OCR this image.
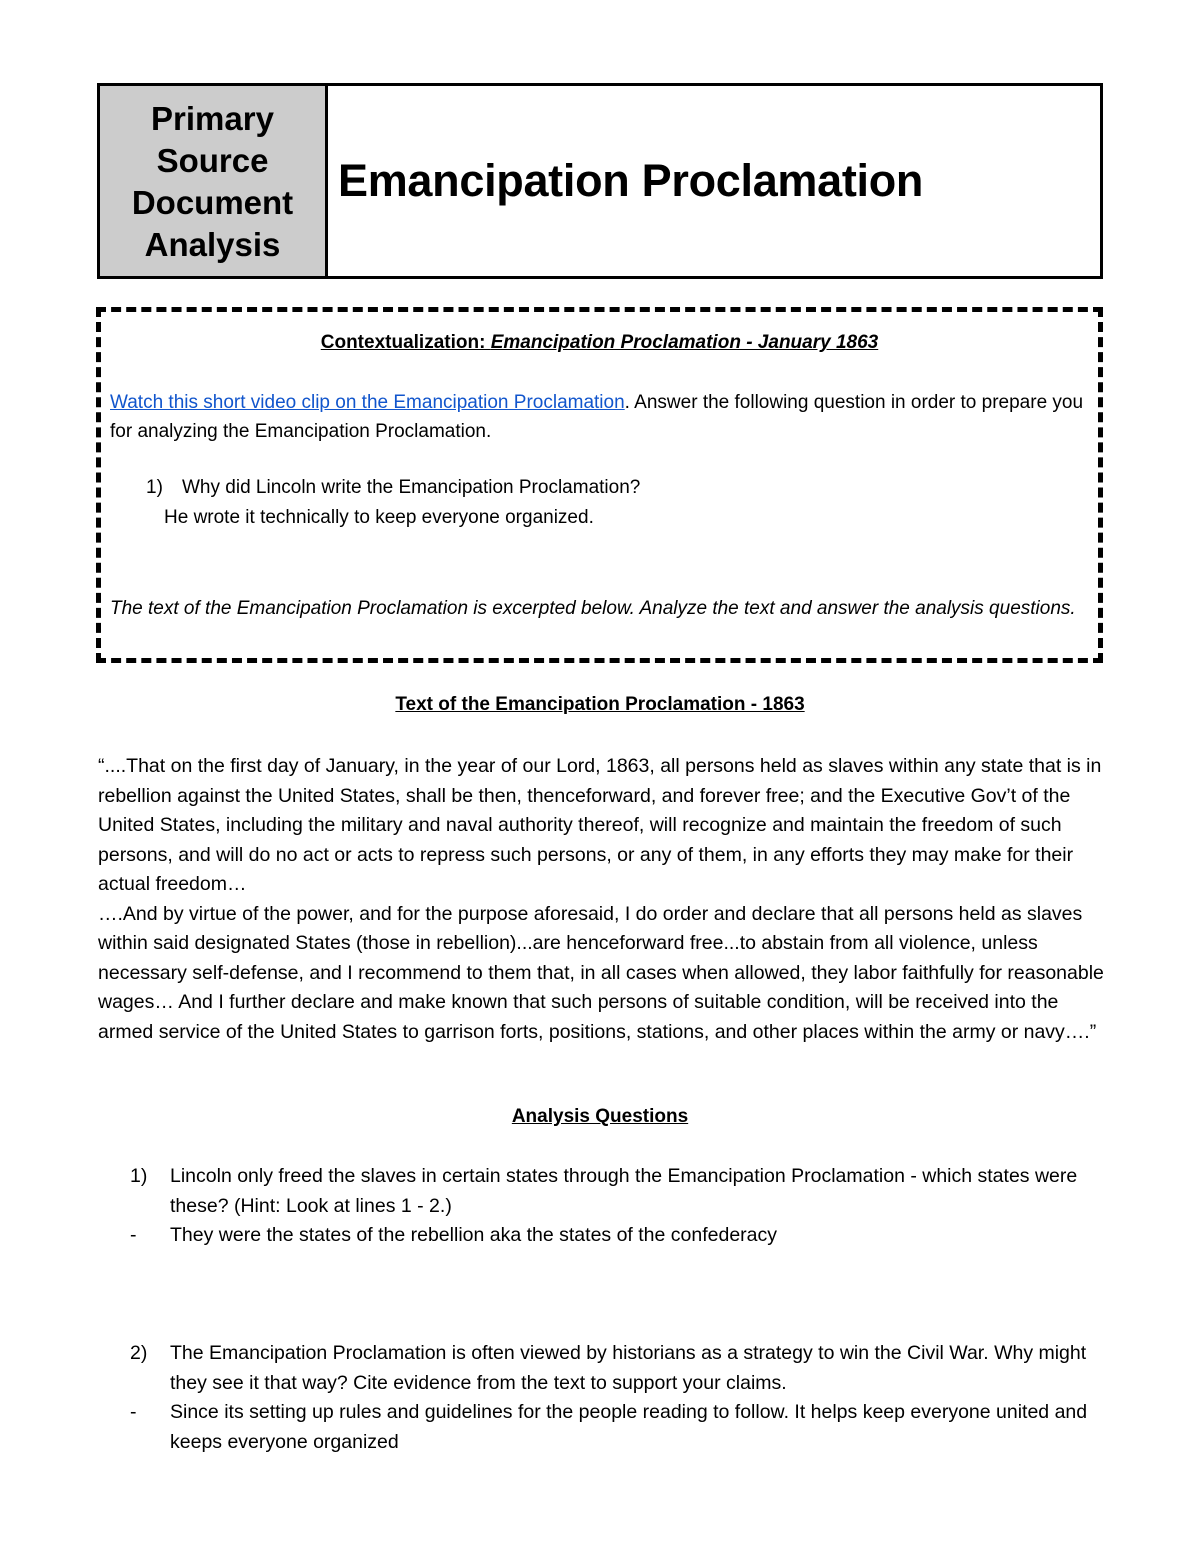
Primary
Source
Document
Analysis
Emancipation Proclamation
Contextualization: Emancipation Proclamation - January 1863
Watch this short video clip on the Emancipation Proclamation. Answer the following question in order to prepare you for analyzing the Emancipation Proclamation.
1) Why did Lincoln write the Emancipation Proclamation?
He wrote it technically to keep everyone organized.
The text of the Emancipation Proclamation is excerpted below. Analyze the text and answer the analysis questions.
Text of the Emancipation Proclamation - 1863

“....That on the first day of January, in the year of our Lord, 1863, all persons held as slaves within any state that is in rebellion against the United States, shall be then, thenceforward, and forever free; and the Executive Gov’t of the United States, including the military and naval authority thereof, will recognize and maintain the freedom of such persons, and will do no act or acts to repress such persons, or any of them, in any efforts they may make for their actual freedom…

….And by virtue of the power, and for the purpose aforesaid, I do order and declare that all persons held as slaves within said designated States (those in rebellion)...are henceforward free...to abstain from all violence, unless necessary self-defense, and I recommend to them that, in all cases when allowed, they labor faithfully for reasonable wages… And I further declare and make known that such persons of suitable condition, will be received into the armed service of the United States to garrison forts, positions, stations, and other places within the army or navy….”

Analysis Questions
1)	Lincoln only freed the slaves in certain states through the Emancipation Proclamation - which states were these? (Hint: Look at lines 1 - 2.)
-	They were the states of the rebellion aka the states of the confederacy
2)	The Emancipation Proclamation is often viewed by historians as a strategy to win the Civil War. Why might they see it that way? Cite evidence from the text to support your claims.
-	Since its setting up rules and guidelines for the people reading to follow. It helps keep everyone united and keeps everyone organized
